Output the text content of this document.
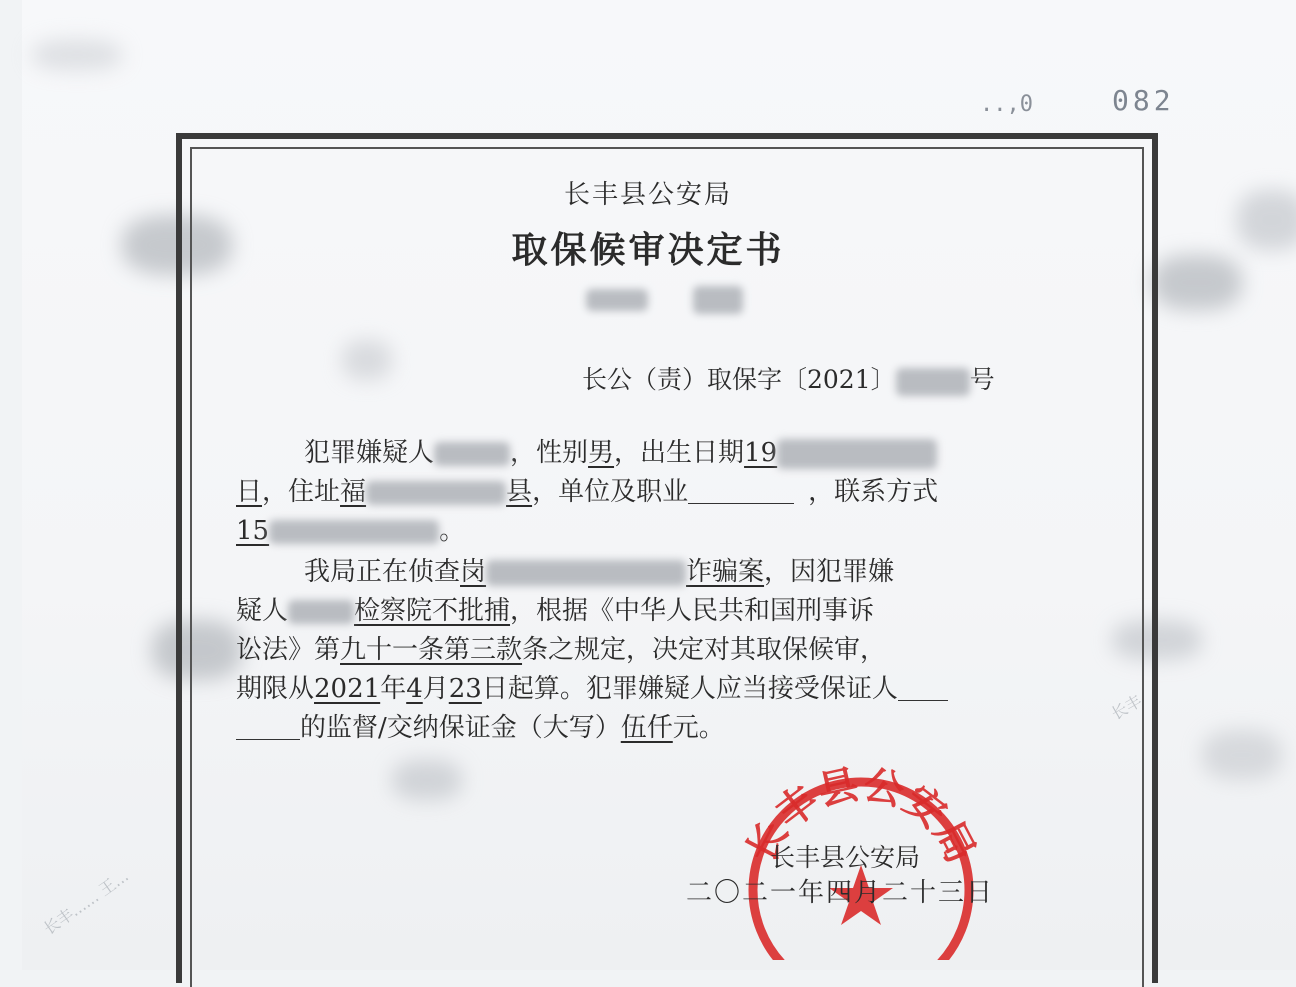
长丰...... 王...
长丰
..,0	082
长丰县公安局
取保候审决定书

长公（责）取保字〔2021〕	号
犯罪嫌疑人	，性别男，出生日期19
日，住址福	县，单位及职业	，联系方式
15	。
我局正在侦查岗	诈骗案，因犯罪嫌
疑人	检察院不批捕，根据《中华人民共和国刑事诉
讼法》第九十一条第三款条之规定，决定对其取保候审，
期限从2021年4月23日起算。犯罪嫌疑人应当接受保证人
的监督/交纳保证金（大写）伍仟元。
长丰县公安局
长丰县公安局
二〇二一年四月二十三日
